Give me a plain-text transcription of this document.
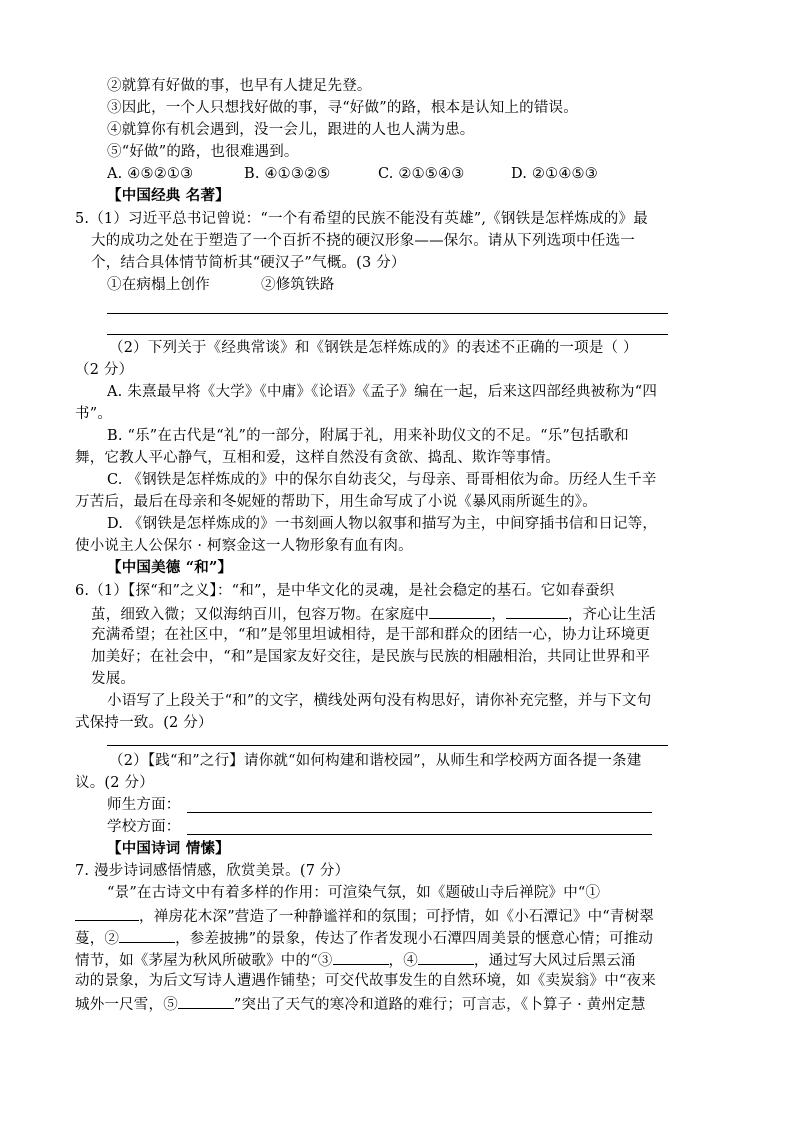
②就算有好做的事，也早有人捷足先登。
③因此，一个人只想找好做的事，寻“好做”的路，根本是认知上的错误。
④就算你有机会遇到，没一会儿，跟进的人也人满为患。
⑤“好做”的路，也很难遇到。
A. ④⑤②①③	B. ④①③②⑤	C. ②①⑤④③	D. ②①④⑤③
【中国经典 名著】
5.（1）习近平总书记曾说：“一个有希望的民族不能没有英雄”,《钢铁是怎样炼成的》最
大的成功之处在于塑造了一个百折不挠的硬汉形象——保尔。请从下列选项中任选一
个，结合具体情节简析其“硬汉子”气概。(3 分）
①在病榻上创作	②修筑铁路
（2）下列关于《经典常谈》和《钢铁是怎样炼成的》的表述不正确的一项是（ ）
（2 分）
A. 朱熹最早将《大学》《中庸》《论语》《孟子》编在一起，后来这四部经典被称为“四
书”。
B. “乐”在古代是“礼”的一部分，附属于礼，用来补助仪文的不足。“乐”包括歌和
舞，它教人平心静气，互相和爱，这样自然没有贪欲、捣乱、欺诈等事情。
C. 《钢铁是怎样炼成的》中的保尔自幼丧父，与母亲、哥哥相依为命。历经人生千辛
万苦后，最后在母亲和冬妮娅的帮助下，用生命写成了小说《暴风雨所诞生的》。
D. 《钢铁是怎样炼成的》一书刻画人物以叙事和描写为主，中间穿插书信和日记等，
使小说主人公保尔 · 柯察金这一人物形象有血有肉。
【中国美德 “和”】
6.（1）【探“和”之义】：“和”，是中华文化的灵魂，是社会稳定的基石。它如春蚕织
茧，细致入微；又似海纳百川，包容万物。在家庭中	，	，齐心让生活
充满希望；在社区中，“和”是邻里坦诚相待，是干部和群众的团结一心，协力让环境更
加美好；在社会中，“和”是国家友好交往，是民族与民族的相融相治，共同让世界和平
发展。
小语写了上段关于“和”的文字，横线处两句没有构思好，请你补充完整，并与下文句
式保持一致。(2 分）
（2）【践“和”之行】请你就“如何构建和谐校园”，从师生和学校两方面各提一条建
议。(2 分）
师生方面：
学校方面：
【中国诗词 情愫】
7. 漫步诗词感悟情感，欣赏美景。(7 分）
“景”在古诗文中有着多样的作用：可渲染气氛，如《题破山寺后禅院》中“①
，禅房花木深”营造了一种静谧祥和的氛围；可抒情，如《小石潭记》中“青树翠
蔓，②	，参差披拂”的景象，传达了作者发现小石潭四周美景的惬意心情；可推动
情节，如《茅屋为秋风所破歌》中的“③	，④	，通过写大风过后黑云涌
动的景象，为后文写诗人遭遇作铺垫；可交代故事发生的自然环境，如《卖炭翁》中“夜来
城外一尺雪，⑤	”突出了天气的寒冷和道路的难行；可言志，《卜算子 · 黄州定慧
